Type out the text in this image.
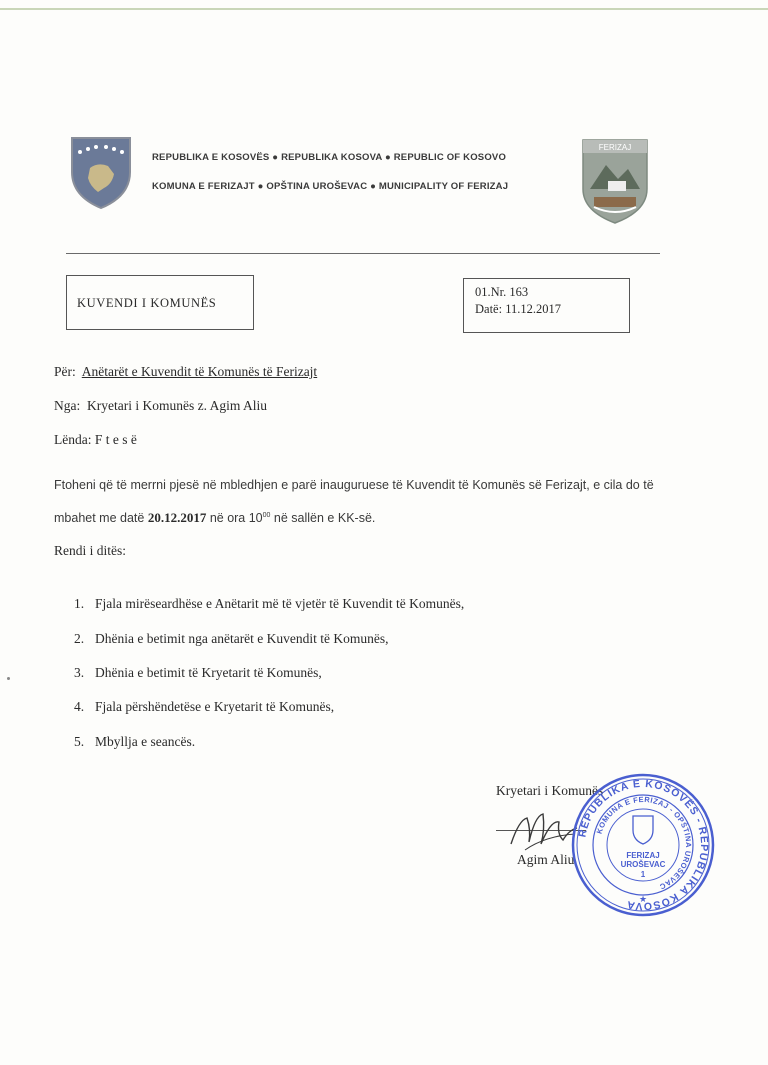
REPUBLIKA E KOSOVËS ● REPUBLIKA KOSOVA ● REPUBLIC OF KOSOVO
KOMUNA E FERIZAJT ● OPŠTINA UROŠEVAC ● MUNICIPALITY OF FERIZAJ
FERIZAJ
KUVENDI I KOMUNËS
01.Nr. 163
Datë: 11.12.2017
Për: Anëtarët e Kuvendit të Komunës të Ferizajt
Nga: Kryetari i Komunës z. Agim Aliu
Lënda: F t e s ë
Ftoheni që të merrni pjesë në mbledhjen e parë inauguruese të Kuvendit të Komunës së Ferizajt, e cila do të
mbahet me datë 20.12.2017 në ora $10^{00}$ në sallën e KK-së.
Rendi i ditës:
1. Fjala mirëseardhëse e Anëtarit më të vjetër të Kuvendit të Komunës,
2. Dhënia e betimit nga anëtarët e Kuvendit të Komunës,
3. Dhënia e betimit të Kryetarit të Komunës,
4. Fjala përshëndetëse e Kryetarit të Komunës,
5. Mbyllja e seancës.
Kryetari i Komunës
Agim Aliu
REPUBLIKA E KOSOVËS - REPUBLIKA KOSOVA
KOMUNA E FERIZAJ - OPŠTINA UROŠEVAC
FERIZAJ
UROŠEVAC
1
★
